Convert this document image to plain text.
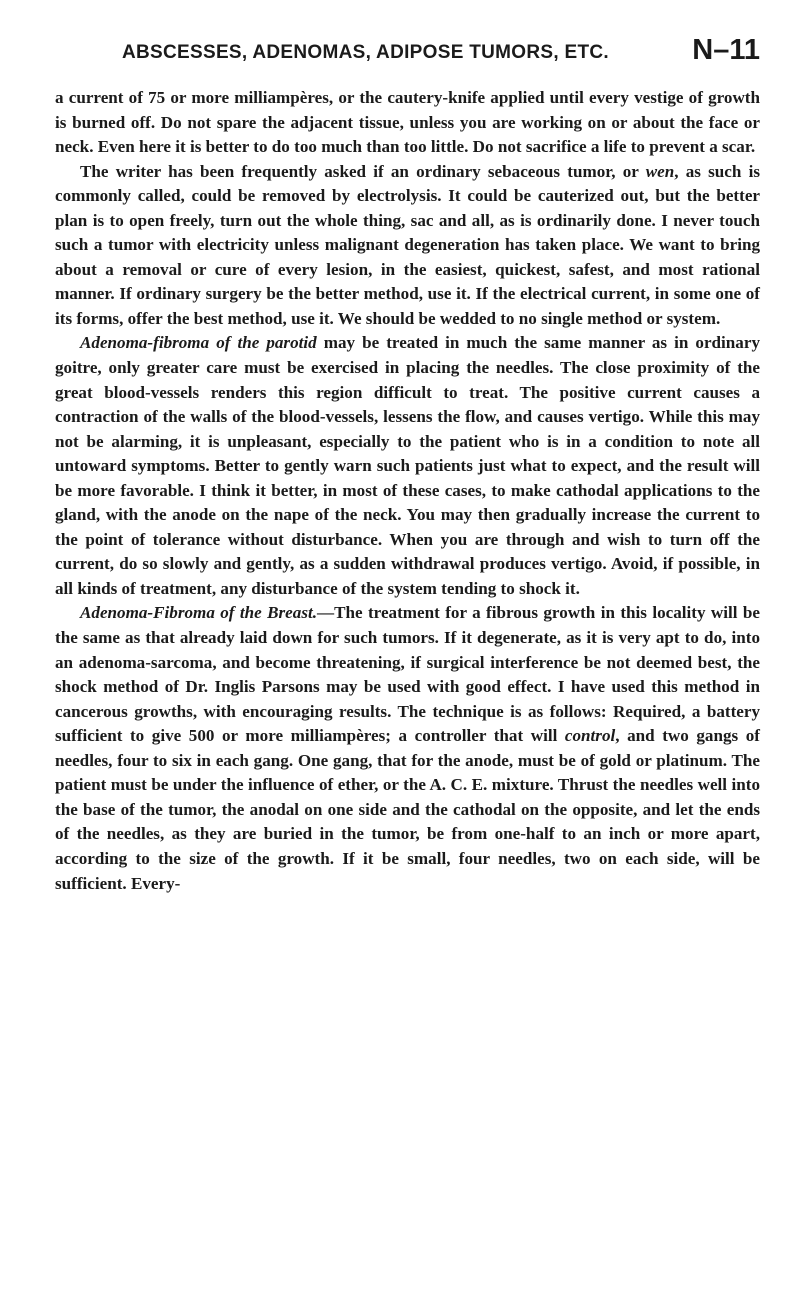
ABSCESSES, ADENOMAS, ADIPOSE TUMORS, ETC.	N–11

a current of 75 or more milliampères, or the cautery-knife applied until every vestige of growth is burned off. Do not spare the adjacent tissue, unless you are working on or about the face or neck. Even here it is better to do too much than too little. Do not sacrifice a life to prevent a scar.

The writer has been frequently asked if an ordinary sebaceous tumor, or wen, as such is commonly called, could be removed by electrolysis. It could be cauterized out, but the better plan is to open freely, turn out the whole thing, sac and all, as is ordinarily done. I never touch such a tumor with electricity unless malignant degeneration has taken place. We want to bring about a removal or cure of every lesion, in the easiest, quickest, safest, and most rational manner. If ordinary surgery be the better method, use it. If the electrical current, in some one of its forms, offer the best method, use it. We should be wedded to no single method or system.

Adenoma-fibroma of the parotid may be treated in much the same manner as in ordinary goitre, only greater care must be exercised in placing the needles. The close proximity of the great blood-vessels renders this region difficult to treat. The positive current causes a contraction of the walls of the blood-vessels, lessens the flow, and causes vertigo. While this may not be alarming, it is unpleasant, especially to the patient who is in a condition to note all untoward symptoms. Better to gently warn such patients just what to expect, and the result will be more favorable. I think it better, in most of these cases, to make cathodal applications to the gland, with the anode on the nape of the neck. You may then gradually increase the current to the point of tolerance without disturbance. When you are through and wish to turn off the current, do so slowly and gently, as a sudden withdrawal produces vertigo. Avoid, if possible, in all kinds of treatment, any disturbance of the system tending to shock it.

Adenoma-Fibroma of the Breast.—The treatment for a fibrous growth in this locality will be the same as that already laid down for such tumors. If it degenerate, as it is very apt to do, into an adenoma-sarcoma, and become threatening, if surgical interference be not deemed best, the shock method of Dr. Inglis Parsons may be used with good effect. I have used this method in cancerous growths, with encouraging results. The technique is as follows: Required, a battery sufficient to give 500 or more milliampères; a controller that will control, and two gangs of needles, four to six in each gang. One gang, that for the anode, must be of gold or platinum. The patient must be under the influence of ether, or the A. C. E. mixture. Thrust the needles well into the base of the tumor, the anodal on one side and the cathodal on the opposite, and let the ends of the needles, as they are buried in the tumor, be from one-half to an inch or more apart, according to the size of the growth. If it be small, four needles, two on each side, will be sufficient. Every-
